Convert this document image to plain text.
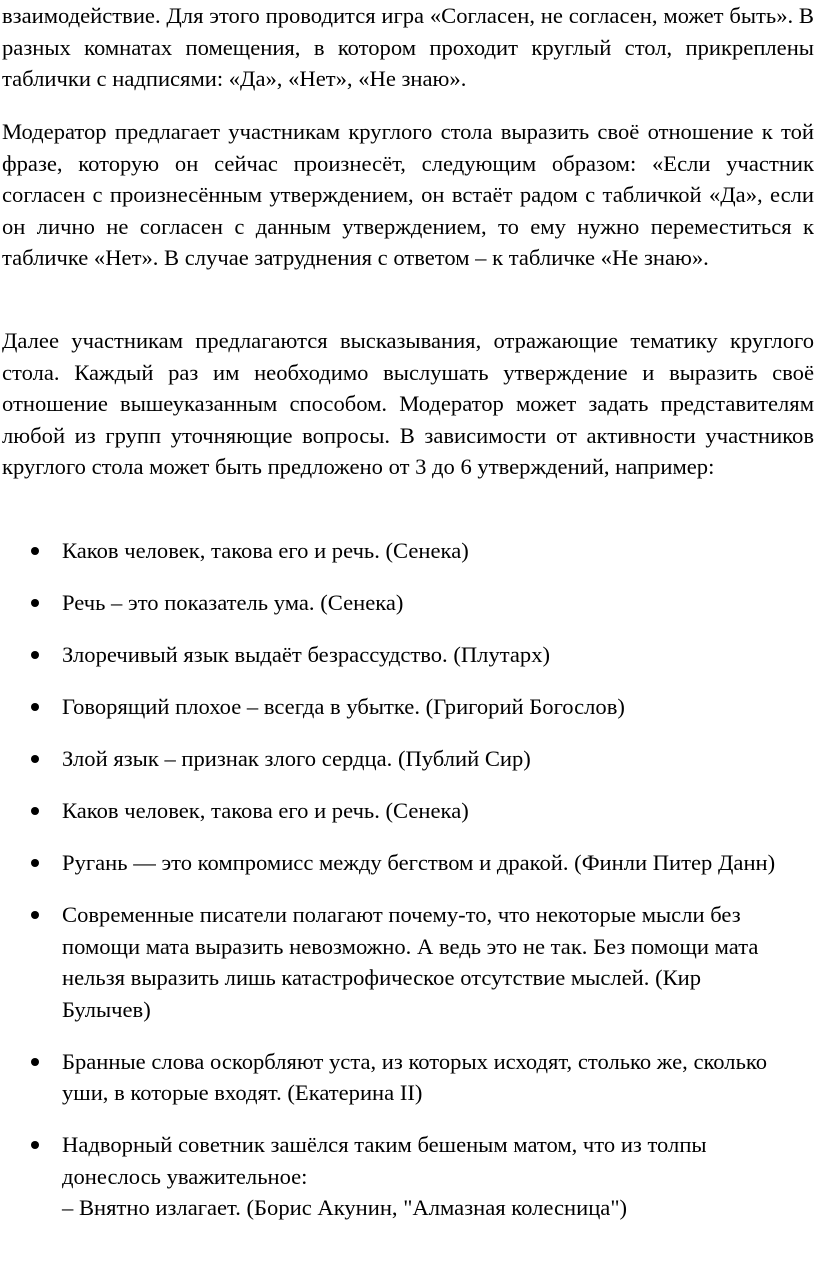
взаимодействие. Для этого проводится игра «Согласен, не согласен, может быть». В разных комнатах помещения, в котором проходит круглый стол, прикреплены таблички с надписями: «Да», «Нет», «Не знаю».

Модератор предлагает участникам круглого стола выразить своё отношение к той фразе, которую он сейчас произнесёт, следующим образом: «Если участник согласен с произнесённым утверждением, он встаёт радом с табличкой «Да», если он лично не согласен с данным утверждением, то ему нужно переместиться к табличке «Нет». В случае затруднения с ответом – к табличке «Не знаю».

Далее участникам предлагаются высказывания, отражающие тематику круглого стола. Каждый раз им необходимо выслушать утверждение и выразить своё отношение вышеуказанным способом. Модератор может задать представителям любой из групп уточняющие вопросы. В зависимости от активности участников круглого стола может быть предложено от 3 до 6 утверждений, например:

Каков человек, такова его и речь. (Сенека)
Речь – это показатель ума. (Сенека)
Злоречивый язык выдаёт безрассудство. (Плутарх)
Говорящий плохое – всегда в убытке. (Григорий Богослов)
Злой язык – признак злого сердца. (Публий Сир)
Каков человек, такова его и речь. (Сенека)
Ругань — это компромисс между бегством и дракой. (Финли Питер Данн)
Современные писатели полагают почему-то, что некоторые мысли без помощи мата выразить невозможно. А ведь это не так. Без помощи мата нельзя выразить лишь катастрофическое отсутствие мыслей. (Кир Булычев)
Бранные слова оскорбляют уста, из которых исходят, столько же, сколько уши, в которые входят. (Екатерина II)
Надворный советник зашёлся таким бешеным матом, что из толпы донеслось уважительное:
– Внятно излагает. (Борис Акунин, "Алмазная колесница")
